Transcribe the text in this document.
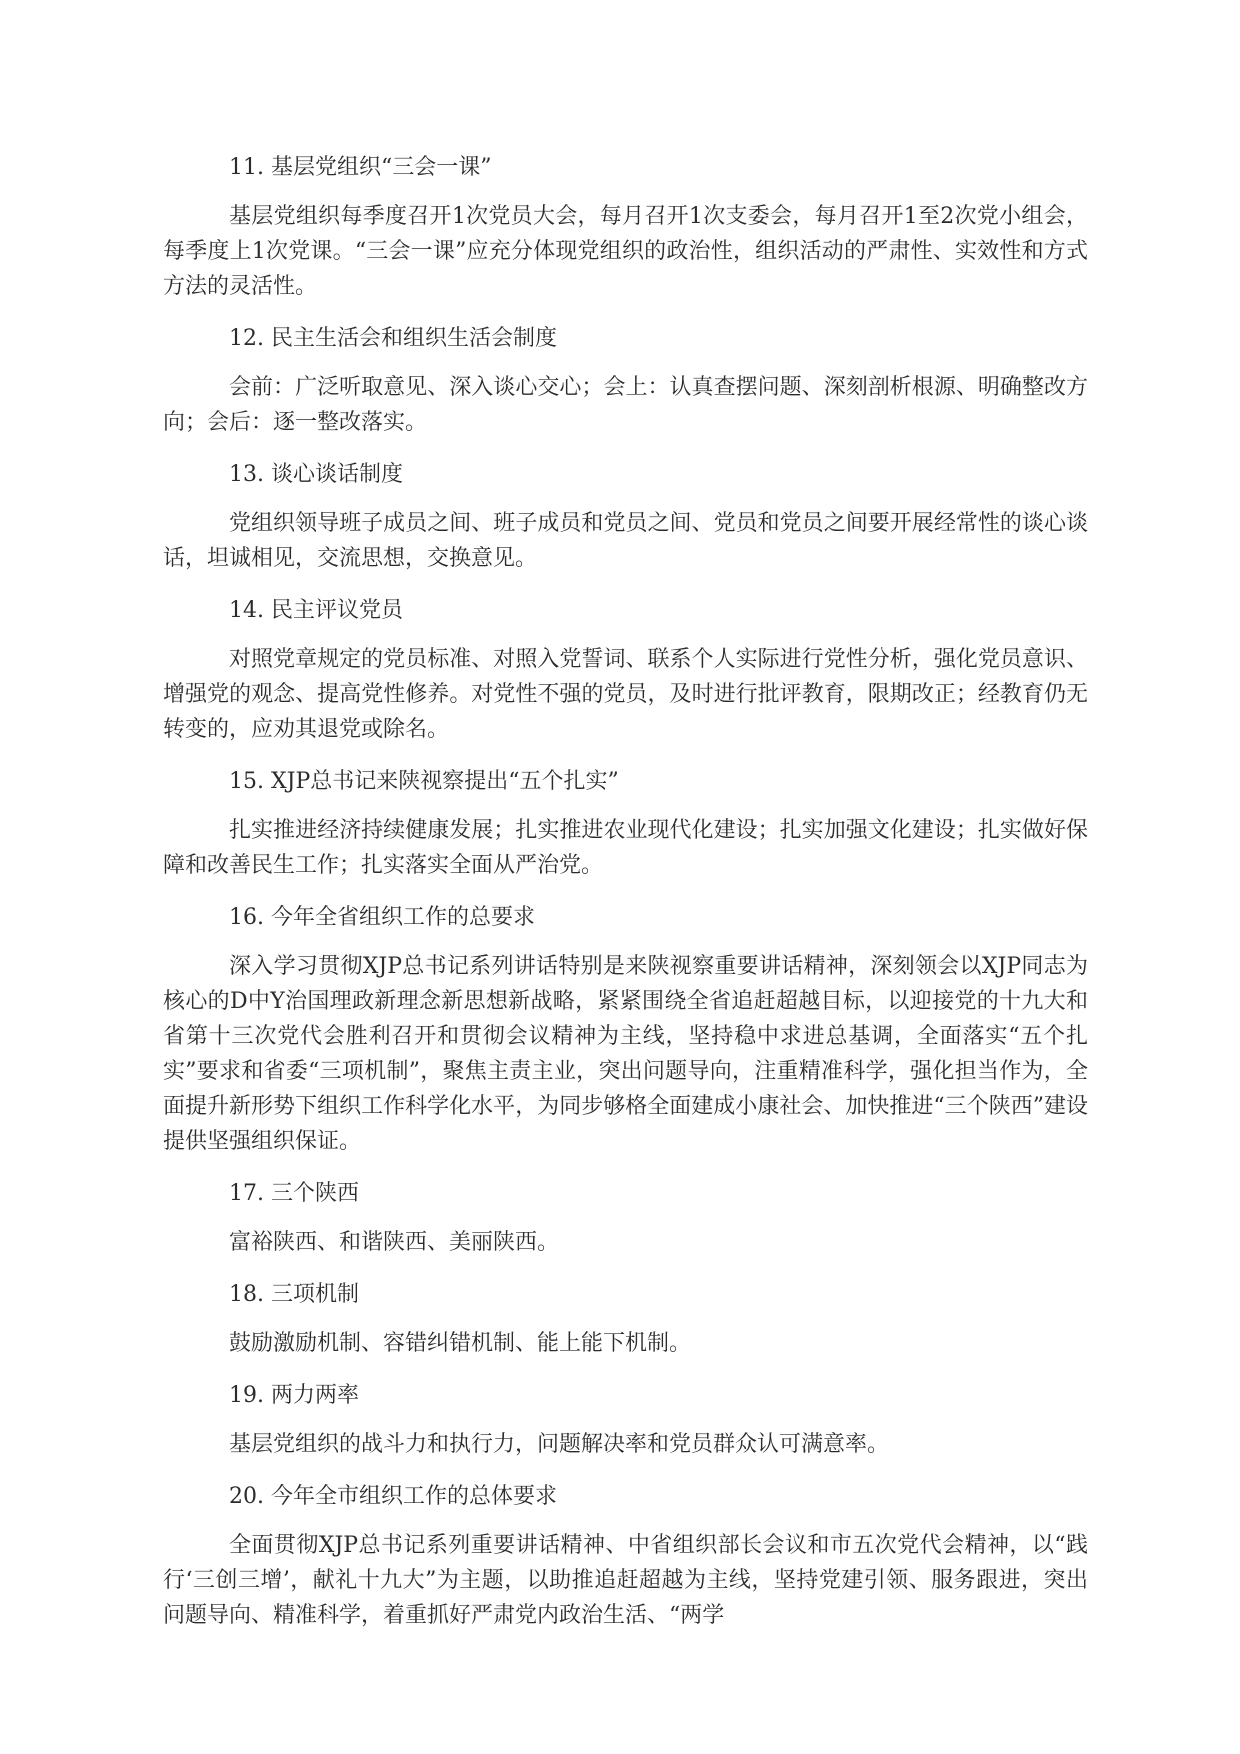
11. 基层党组织“三会一课”

基层党组织每季度召开1次党员大会，每月召开1次支委会，每月召开1至2次党小组会，每季度上1次党课。“三会一课”应充分体现党组织的政治性，组织活动的严肃性、实效性和方式方法的灵活性。

12. 民主生活会和组织生活会制度

会前：广泛听取意见、深入谈心交心；会上：认真查摆问题、深刻剖析根源、明确整改方向；会后：逐一整改落实。

13. 谈心谈话制度

党组织领导班子成员之间、班子成员和党员之间、党员和党员之间要开展经常性的谈心谈话，坦诚相见，交流思想，交换意见。

14. 民主评议党员

对照党章规定的党员标准、对照入党誓词、联系个人实际进行党性分析，强化党员意识、增强党的观念、提高党性修养。对党性不强的党员，及时进行批评教育，限期改正；经教育仍无转变的，应劝其退党或除名。

15. XJP总书记来陕视察提出“五个扎实”

扎实推进经济持续健康发展；扎实推进农业现代化建设；扎实加强文化建设；扎实做好保障和改善民生工作；扎实落实全面从严治党。

16. 今年全省组织工作的总要求

深入学习贯彻XJP总书记系列讲话特别是来陕视察重要讲话精神，深刻领会以XJP同志为核心的D中Y治国理政新理念新思想新战略，紧紧围绕全省追赶超越目标，以迎接党的十九大和省第十三次党代会胜利召开和贯彻会议精神为主线，坚持稳中求进总基调，全面落实“五个扎实”要求和省委“三项机制”，聚焦主责主业，突出问题导向，注重精准科学，强化担当作为，全面提升新形势下组织工作科学化水平，为同步够格全面建成小康社会、加快推进“三个陕西”建设提供坚强组织保证。

17. 三个陕西

富裕陕西、和谐陕西、美丽陕西。

18. 三项机制

鼓励激励机制、容错纠错机制、能上能下机制。

19. 两力两率

基层党组织的战斗力和执行力，问题解决率和党员群众认可满意率。

20. 今年全市组织工作的总体要求

全面贯彻XJP总书记系列重要讲话精神、中省组织部长会议和市五次党代会精神，以“践行‘三创三增’，献礼十九大”为主题，以助推追赶超越为主线，坚持党建引领、服务跟进，突出问题导向、精准科学，着重抓好严肃党内政治生活、“两学
